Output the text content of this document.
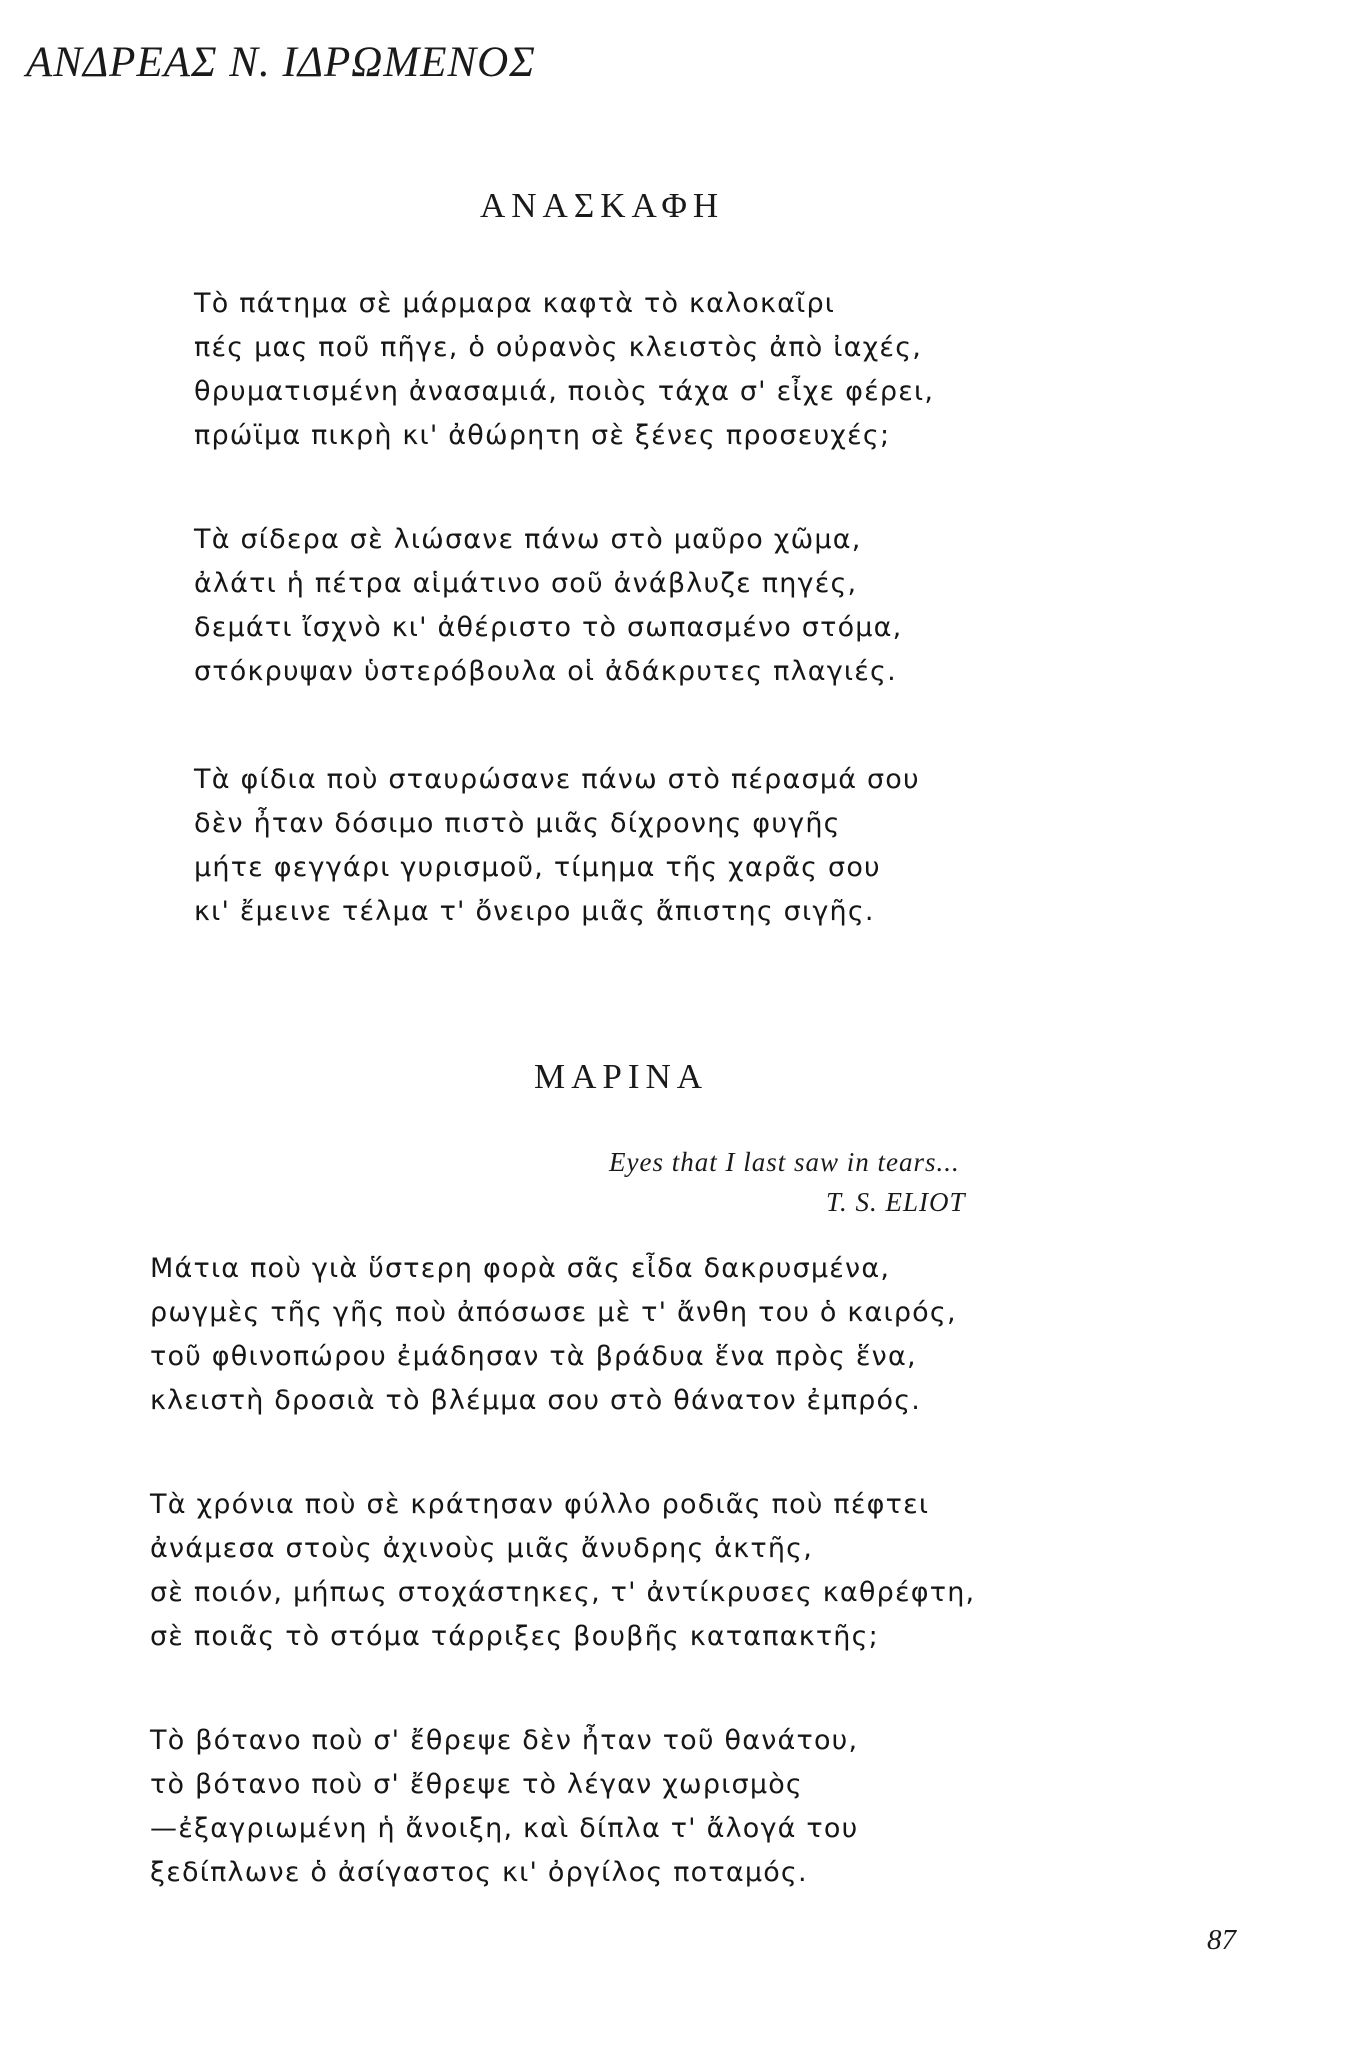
ΑΝΔΡΕΑΣ Ν. ΙΔΡΩΜΕΝΟΣ
ΑΝΑΣΚΑΦΗ
Τὸ πάτημα σὲ μάρμαρα καφτὰ τὸ καλοκαῖρι
πές μας ποῦ πῆγε, ὁ οὐρανὸς κλειστὸς ἀπὸ ἰαχές,
θρυματισμένη ἀνασαμιά, ποιὸς τάχα σ' εἶχε φέρει,
πρώϊμα πικρὴ κι' ἀθώρητη σὲ ξένες προσευχές;
Τὰ σίδερα σὲ λιώσανε πάνω στὸ μαῦρο χῶμα,
ἀλάτι ἡ πέτρα αἱμάτινο σοῦ ἀνάβλυζε πηγές,
δεμάτι ἴσχνὸ κι' ἀθέριστο τὸ σωπασμένο στόμα,
στόκρυψαν ὑστερόβουλα οἱ ἀδάκρυτες πλαγιές.
Τὰ φίδια ποὺ σταυρώσανε πάνω στὸ πέρασμά σου
δὲν ἦταν δόσιμο πιστὸ μιᾶς δίχρονης φυγῆς
μήτε φεγγάρι γυρισμοῦ, τίμημα τῆς χαρᾶς σου
κι' ἔμεινε τέλμα τ' ὄνειρο μιᾶς ἄπιστης σιγῆς.
ΜΑΡΙΝΑ
Eyes that I last saw in tears...
T. S. ELIOT
Μάτια ποὺ γιὰ ὕστερη φορὰ σᾶς εἶδα δακρυσμένα,
ρωγμὲς τῆς γῆς ποὺ ἀπόσωσε μὲ τ' ἄνθη του ὁ καιρός,
τοῦ φθινοπώρου ἐμάδησαν τὰ βράδυα ἕνα πρὸς ἕνα,
κλειστὴ δροσιὰ τὸ βλέμμα σου στὸ θάνατον ἐμπρός.
Τὰ χρόνια ποὺ σὲ κράτησαν φύλλο ροδιᾶς ποὺ πέφτει
ἀνάμεσα στοὺς ἀχινοὺς μιᾶς ἄνυδρης ἀκτῆς,
σὲ ποιόν, μήπως στοχάστηκες, τ' ἀντίκρυσες καθρέφτη,
σὲ ποιᾶς τὸ στόμα τάρριξες βουβῆς καταπακτῆς;
Τὸ βότανο ποὺ σ' ἔθρεψε δὲν ἦταν τοῦ θανάτου,
τὸ βότανο ποὺ σ' ἔθρεψε τὸ λέγαν χωρισμὸς
—ἐξαγριωμένη ἡ ἄνοιξη, καὶ δίπλα τ' ἄλογά του
ξεδίπλωνε ὁ ἀσίγαστος κι' ὀργίλος ποταμός.
87
